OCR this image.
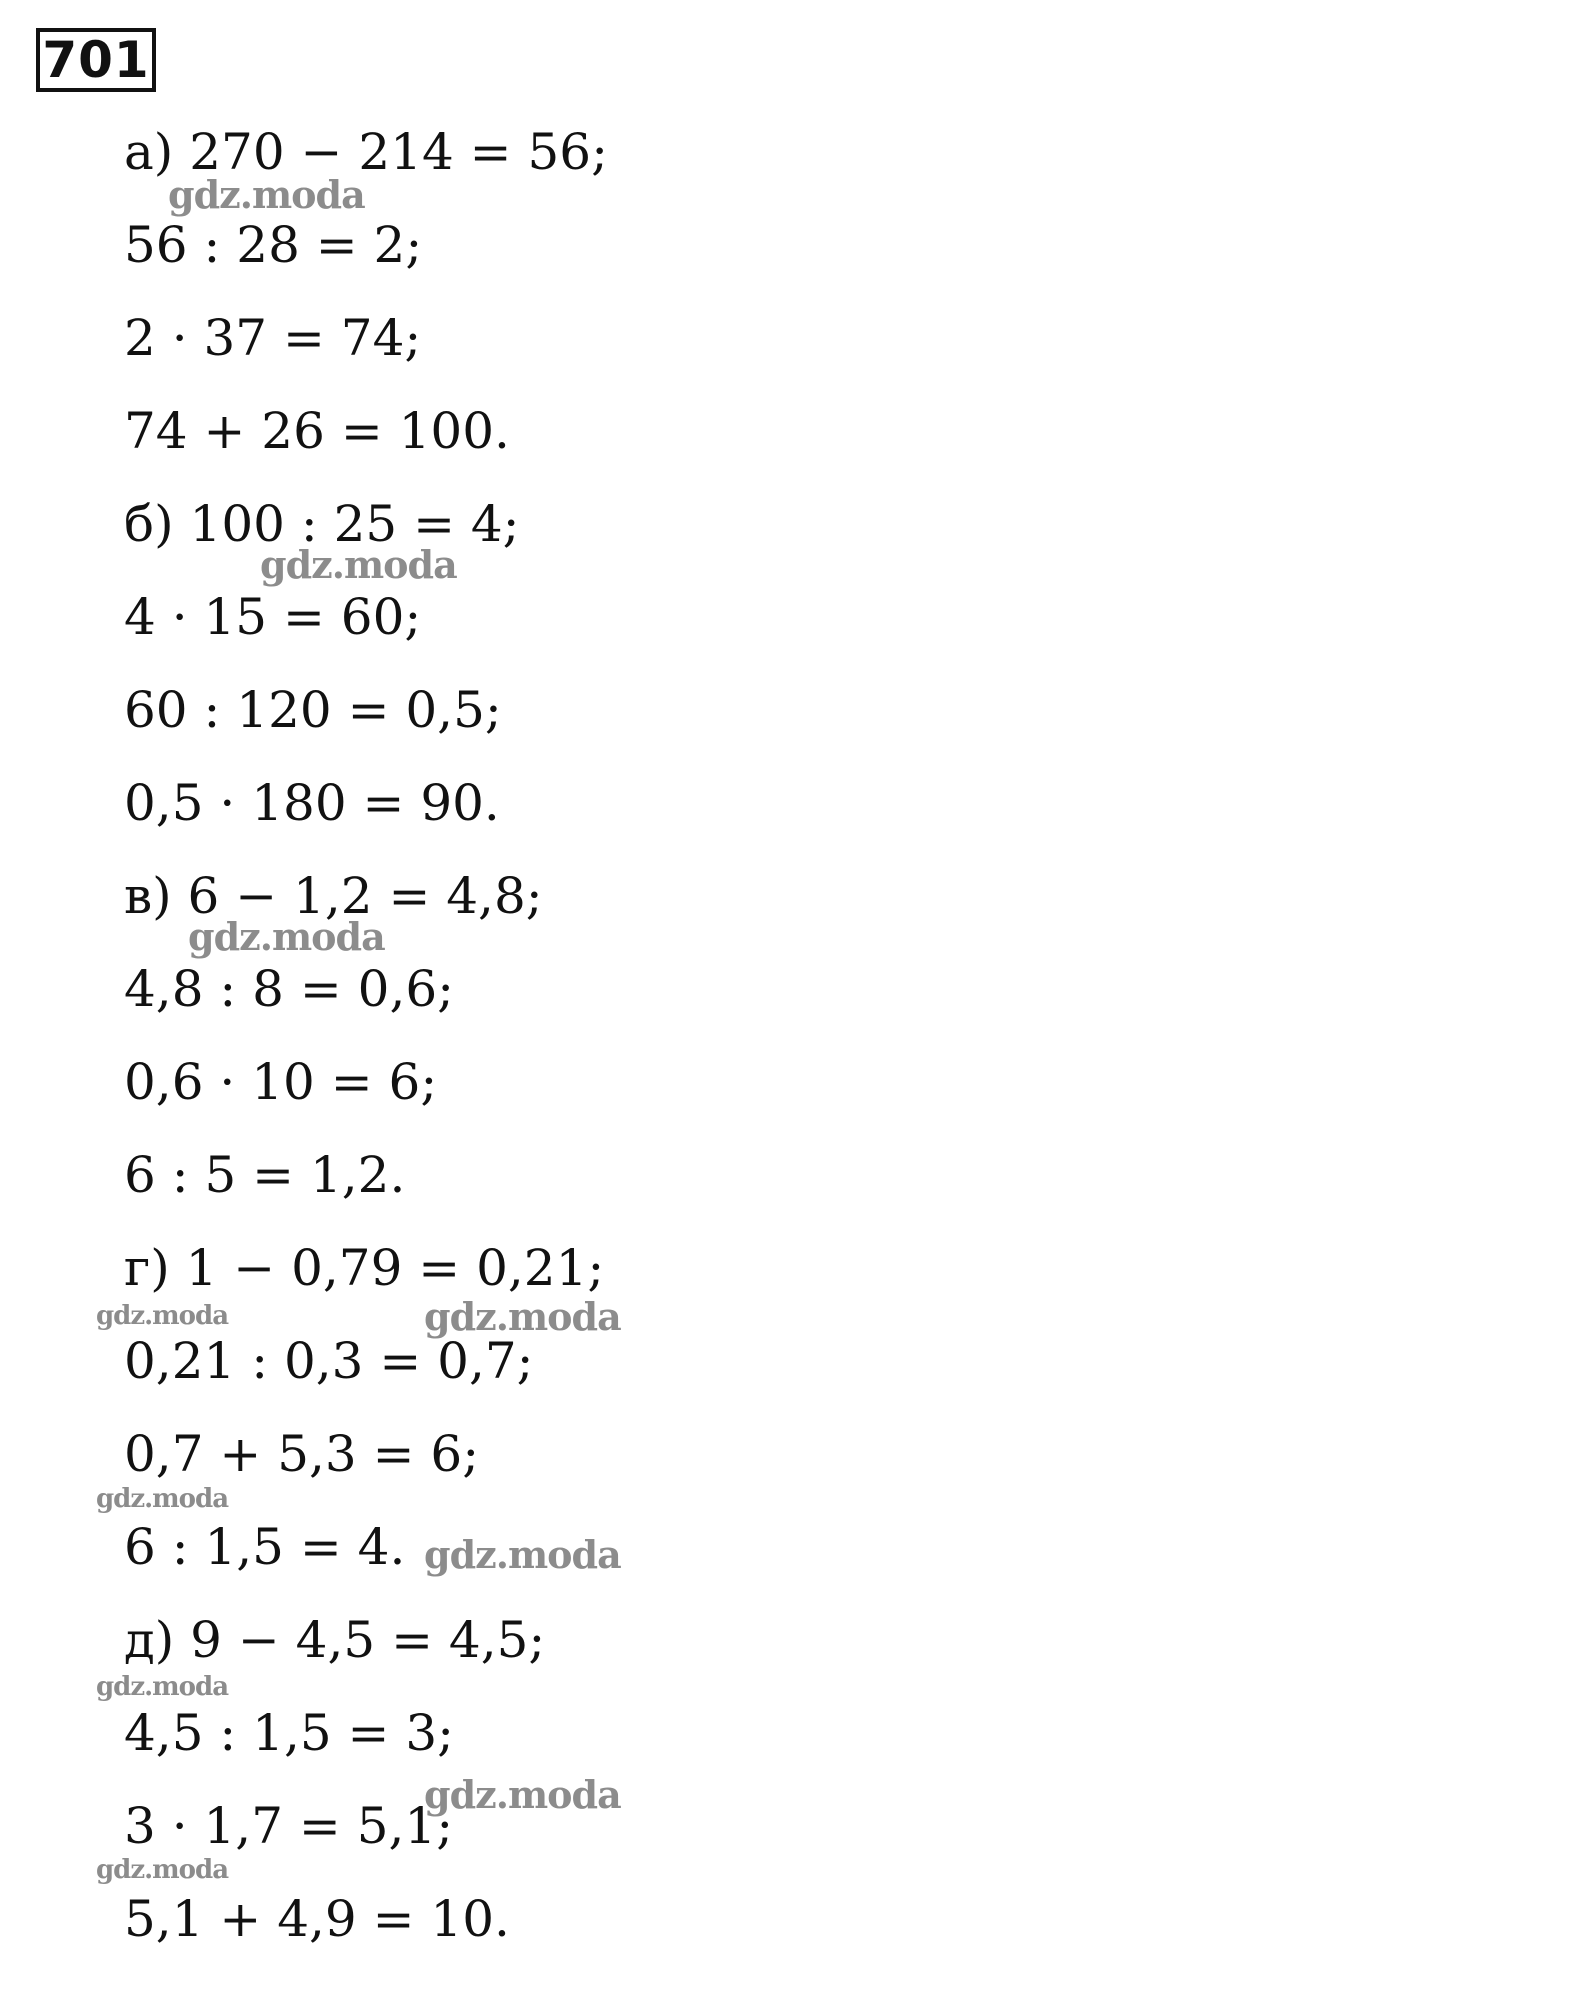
701
а) 270 − 214 = 56;
56 : 28 = 2;
2 · 37 = 74;
74 + 26 = 100.
б) 100 : 25 = 4;
4 · 15 = 60;
60 : 120 = 0,5;
0,5 · 180 = 90.
в) 6 − 1,2 = 4,8;
4,8 : 8 = 0,6;
0,6 · 10 = 6;
6 : 5 = 1,2.
г) 1 − 0,79 = 0,21;
0,21 : 0,3 = 0,7;
0,7 + 5,3 = 6;
6 : 1,5 = 4.
д) 9 − 4,5 = 4,5;
4,5 : 1,5 = 3;
3 · 1,7 = 5,1;
5,1 + 4,9 = 10.
gdz.moda
gdz.moda
gdz.moda
gdz.moda	gdz.moda
gdz.moda
gdz.moda
gdz.moda
gdz.moda
gdz.moda
